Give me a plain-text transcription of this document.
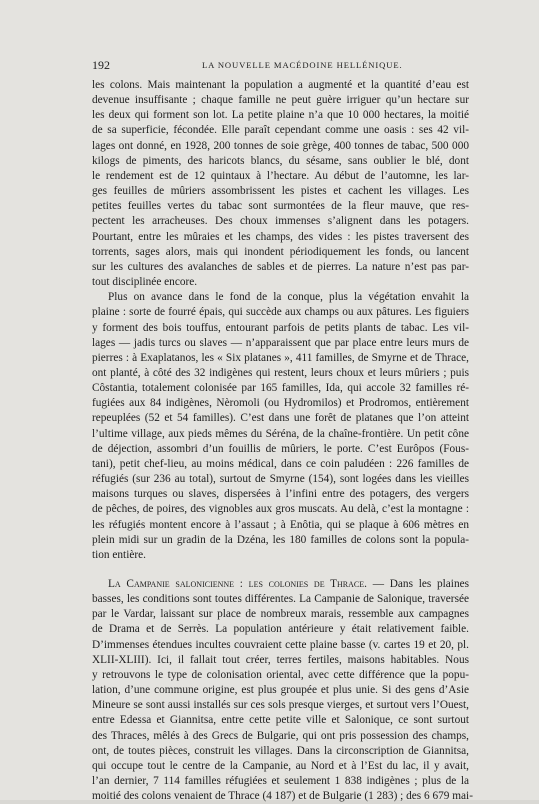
192	LA NOUVELLE MACÉDOINE HELLÉNIQUE.
les colons. Mais maintenant la population a augmenté et la quantité d’eau est
devenue insuffisante ; chaque famille ne peut guère irriguer qu’un hectare sur
les deux qui forment son lot. La petite plaine n’a que 10 000 hectares, la moitié
de sa superficie, fécondée. Elle paraît cependant comme une oasis : ses 42 vil-
lages ont donné, en 1928, 200 tonnes de soie grège, 400 tonnes de tabac, 500 000
kilogs de piments, des haricots blancs, du sésame, sans oublier le blé, dont
le rendement est de 12 quintaux à l’hectare. Au début de l’automne, les lar-
ges feuilles de mûriers assombrissent les pistes et cachent les villages. Les
petites feuilles vertes du tabac sont surmontées de la fleur mauve, que res-
pectent les arracheuses. Des choux immenses s’alignent dans les potagers.
Pourtant, entre les mûraies et les champs, des vides : les pistes traversent des
torrents, sages alors, mais qui inondent périodiquement les fonds, ou lancent
sur les cultures des avalanches de sables et de pierres. La nature n’est pas par-
tout disciplinée encore.
Plus on avance dans le fond de la conque, plus la végétation envahit la
plaine : sorte de fourré épais, qui succède aux champs ou aux pâtures. Les figuiers
y forment des bois touffus, entourant parfois de petits plants de tabac. Les vil-
lages — jadis turcs ou slaves — n’apparaissent que par place entre leurs murs de
pierres : à Exaplatanos, les « Six platanes », 411 familles, de Smyrne et de Thrace,
ont planté, à côté des 32 indigènes qui restent, leurs choux et leurs mûriers ; puis
Côstantia, totalement colonisée par 165 familles, Ida, qui accole 32 familles ré-
fugiées aux 84 indigènes, Nèromoli (ou Hydromilos) et Prodromos, entièrement
repeuplées (52 et 54 familles). C’est dans une forêt de platanes que l’on atteint
l’ultime village, aux pieds mêmes du Séréna, de la chaîne-frontière. Un petit cône
de déjection, assombri d’un fouillis de mûriers, le porte. C’est Eurôpos (Fous-
tani), petit chef-lieu, au moins médical, dans ce coin paludéen : 226 familles de
réfugiés (sur 236 au total), surtout de Smyrne (154), sont logées dans les vieilles
maisons turques ou slaves, dispersées à l’infini entre des potagers, des vergers
de pêches, de poires, des vignobles aux gros muscats. Au delà, c’est la montagne :
les réfugiés montent encore à l’assaut ; à Enôtia, qui se plaque à 606 mètres en
plein midi sur un gradin de la Dzéna, les 180 familles de colons sont la popula-
tion entière.
La Campanie salonicienne : les colonies de Thrace. — Dans les plaines
basses, les conditions sont toutes différentes. La Campanie de Salonique, traversée
par le Vardar, laissant sur place de nombreux marais, ressemble aux campagnes
de Drama et de Serrès. La population antérieure y était relativement faible.
D’immenses étendues incultes couvraient cette plaine basse (v. cartes 19 et 20, pl.
XLII-XLIII). Ici, il fallait tout créer, terres fertiles, maisons habitables. Nous
y retrouvons le type de colonisation oriental, avec cette différence que la popu-
lation, d’une commune origine, est plus groupée et plus unie. Si des gens d’Asie
Mineure se sont aussi installés sur ces sols presque vierges, et surtout vers l’Ouest,
entre Edessa et Giannitsa, entre cette petite ville et Salonique, ce sont surtout
des Thraces, mêlés à des Grecs de Bulgarie, qui ont pris possession des champs,
ont, de toutes pièces, construit les villages. Dans la circonscription de Giannitsa,
qui occupe tout le centre de la Campanie, au Nord et à l’Est du lac, il y avait,
l’an dernier, 7 114 familles réfugiées et seulement 1 838 indigènes ; plus de la
moitié des colons venaient de Thrace (4 187) et de Bulgarie (1 283) ; des 6 679 mai-
